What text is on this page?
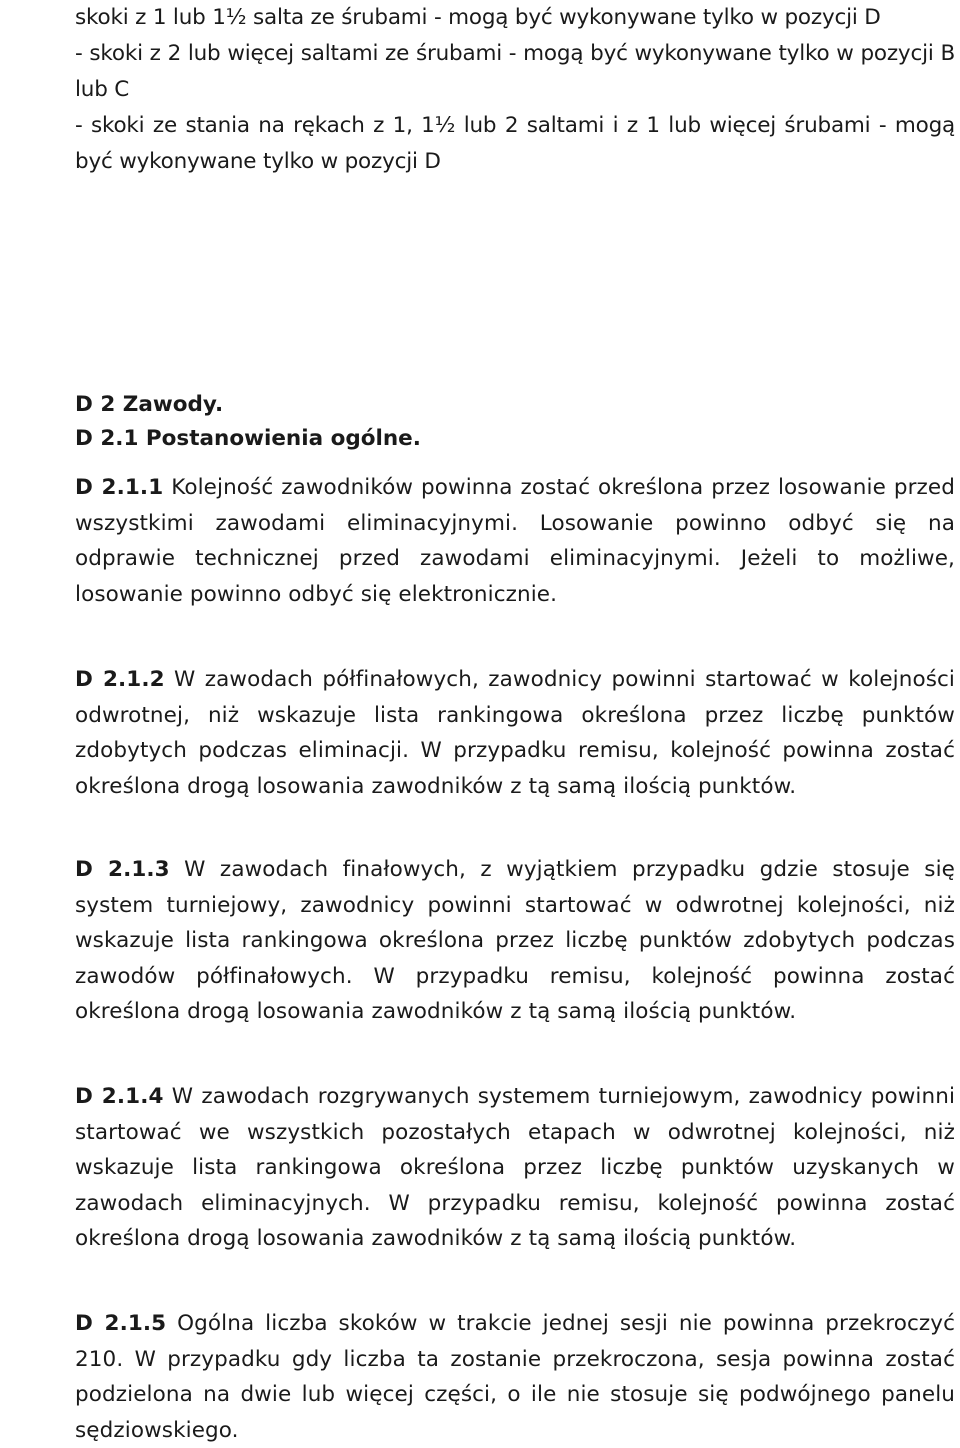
skoki z 1 lub 1½ salta ze śrubami - mogą być wykonywane tylko w pozycji D

- skoki z 2 lub więcej saltami ze śrubami - mogą być wykonywane tylko w pozycji B lub C

- skoki ze stania na rękach z 1, 1½ lub 2 saltami i z 1 lub więcej śrubami - mogą być wykonywane tylko w pozycji D

D 2 Zawody.

D 2.1 Postanowienia ogólne.

D 2.1.1 Kolejność zawodników powinna zostać określona przez losowanie przed wszystkimi zawodami eliminacyjnymi. Losowanie powinno odbyć się na odprawie technicznej przed zawodami eliminacyjnymi. Jeżeli to możliwe, losowanie powinno odbyć się elektronicznie.

D 2.1.2 W zawodach półfinałowych, zawodnicy powinni startować w kolejności odwrotnej, niż wskazuje lista rankingowa określona przez liczbę punktów zdobytych podczas eliminacji. W przypadku remisu, kolejność powinna zostać określona drogą losowania zawodników z tą samą ilością punktów.

D 2.1.3 W zawodach finałowych, z wyjątkiem przypadku gdzie stosuje się system turniejowy, zawodnicy powinni startować w odwrotnej kolejności, niż wskazuje lista rankingowa określona przez liczbę punktów zdobytych podczas zawodów półfinałowych. W przypadku remisu, kolejność powinna zostać określona drogą losowania zawodników z tą samą ilością punktów.

D 2.1.4 W zawodach rozgrywanych systemem turniejowym, zawodnicy powinni startować we wszystkich pozostałych etapach w odwrotnej kolejności, niż wskazuje lista rankingowa określona przez liczbę punktów uzyskanych w zawodach eliminacyjnych. W przypadku remisu, kolejność powinna zostać określona drogą losowania zawodników z tą samą ilością punktów.

D 2.1.5 Ogólna liczba skoków w trakcie jednej sesji nie powinna przekroczyć 210. W przypadku gdy liczba ta zostanie przekroczona, sesja powinna zostać podzielona na dwie lub więcej części, o ile nie stosuje się podwójnego panelu sędziowskiego.
